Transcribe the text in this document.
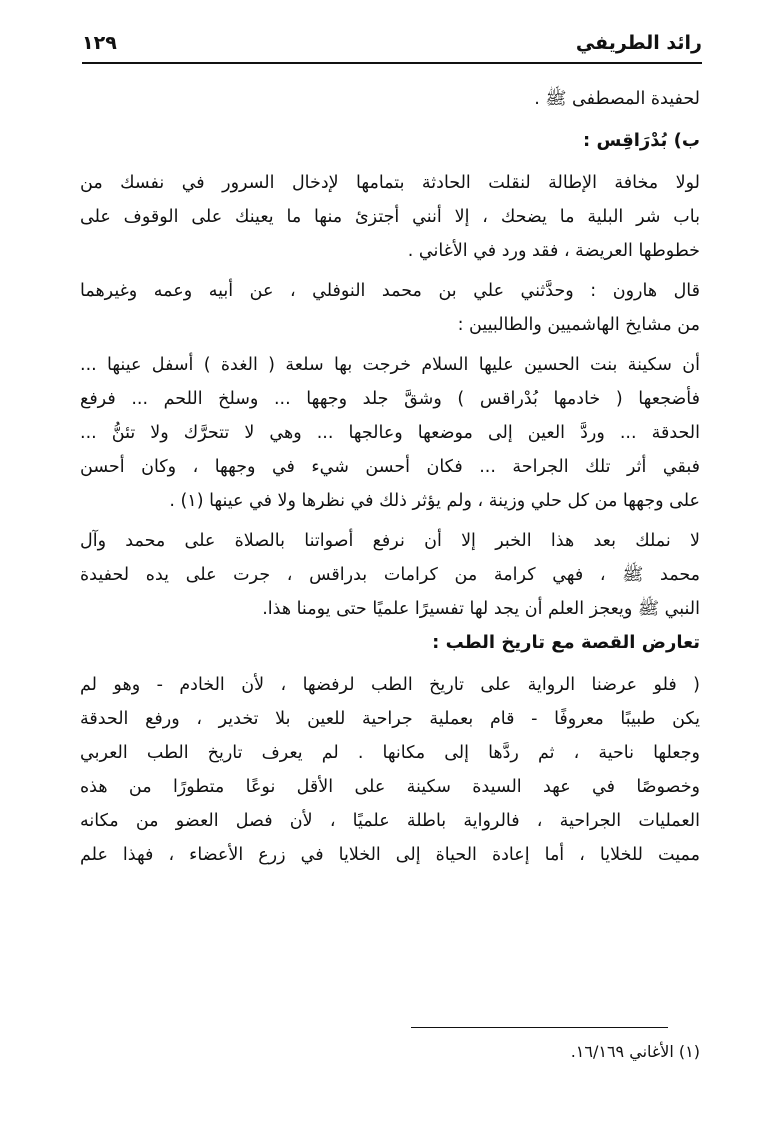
رائد الطريفي
١٢٩
لحفيدة المصطفى ﷺ .
ب) بُدْرَاقِس :
لولا مخافة الإطالة لنقلت الحادثة بتمامها لإدخال السرور في نفسك من
باب شر البلية ما يضحك ، إلا أنني أجتزئ منها ما يعينك على الوقوف على
خطوطها العريضة ، فقد ورد في الأغاني .
قال هارون : وحدَّثني علي بن محمد النوفلي ، عن أبيه وعمه وغيرهما
من مشايخ الهاشميين والطالبيين :
أن سكينة بنت الحسين عليها السلام خرجت بها سلعة ( الغدة ) أسفل عينها ...
فأضجعها ( خادمها بُدْراقس ) وشقَّ جلد وجهها ... وسلخ اللحم ... فرفع
الحدقة ... وردَّ العين إلى موضعها وعالجها ... وهي لا تتحرَّك ولا تئنُّ ...
فبقي أثر تلك الجراحة ... فكان أحسن شيء في وجهها ، وكان أحسن
على وجهها من كل حلي وزينة ، ولم يؤثر ذلك في نظرها ولا في عينها (١) .
لا نملك بعد هذا الخبر إلا أن نرفع أصواتنا بالصلاة على محمد وآل
محمد ﷺ ، فهي كرامة من كرامات بدراقس ، جرت على يده لحفيدة
النبي ﷺ ويعجز العلم أن يجد لها تفسيرًا علميًا حتى يومنا هذا.
تعارض القصة مع تاريخ الطب :
( فلو عرضنا الرواية على تاريخ الطب لرفضها ، لأن الخادم - وهو لم
يكن طبيبًا معروفًا - قام بعملية جراحية للعين بلا تخدير ، ورفع الحدقة
وجعلها ناحية ، ثم ردَّها إلى مكانها . لم يعرف تاريخ الطب العربي
وخصوصًا في عهد السيدة سكينة على الأقل نوعًا متطورًا من هذه
العمليات الجراحية ، فالرواية باطلة علميًا ، لأن فصل العضو من مكانه
مميت للخلايا ، أما إعادة الحياة إلى الخلايا في زرع الأعضاء ، فهذا علم
(١) الأغاني ١٦/١٦٩.
